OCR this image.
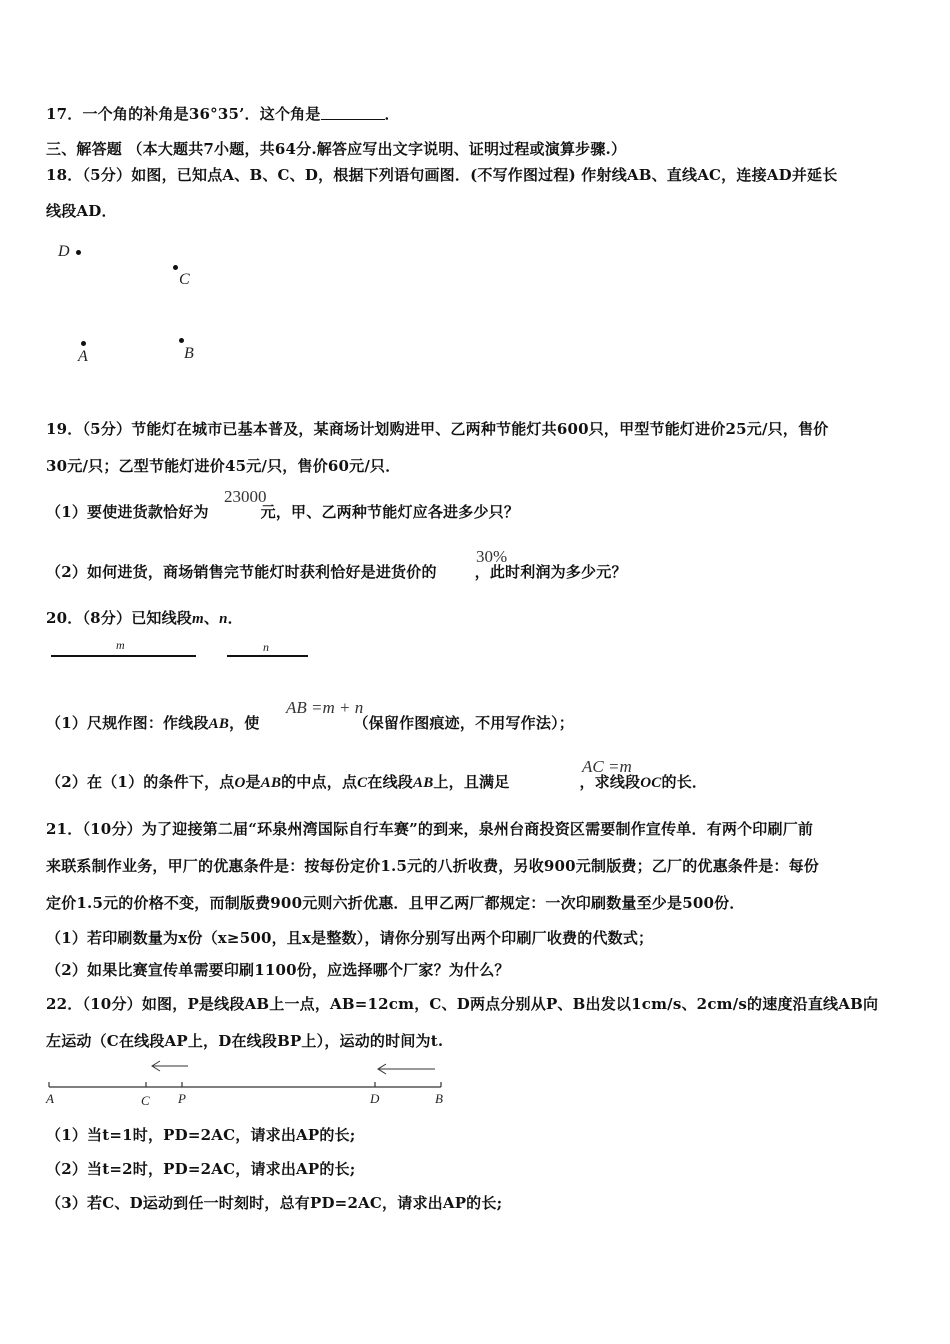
17．一个角的补角是36°35’．这个角是	．
三、解答题 （本大题共7小题，共64分.解答应写出文字说明、证明过程或演算步骤.）
18．（5分）如图，已知点A、B、C、D，根据下列语句画图．(不写作图过程) 作射线AB、直线AC，连接AD并延长
线段AD．
D
C
A	B
19．（5分）节能灯在城市已基本普及，某商场计划购进甲、乙两种节能灯共600只，甲型节能灯进价25元/只，售价
30元/只；乙型节能灯进价45元/只，售价60元/只．
（1）要使进货款恰好为	元，甲、乙两种节能灯应各进多少只？
23000
（2）如何进货，商场销售完节能灯时获利恰好是进货价的	，此时利润为多少元？
30%
20．（8分）已知线段m、n．
m	n
（1）尺规作图：作线段AB，使	（保留作图痕迹，不用写作法）；
AB =m + n
（2）在（1）的条件下，点O是AB的中点，点C在线段AB上，且满足	，求线段OC的长．
AC =m
21．（10分）为了迎接第二届“环泉州湾国际自行车赛”的到来，泉州台商投资区需要制作宣传单．有两个印刷厂前
来联系制作业务，甲厂的优惠条件是：按每份定价1.5元的八折收费，另收900元制版费；乙厂的优惠条件是：每份
定价1.5元的价格不变，而制版费900元则六折优惠．且甲乙两厂都规定：一次印刷数量至少是500份．
（1）若印刷数量为x份（x≥500，且x是整数），请你分别写出两个印刷厂收费的代数式；
（2）如果比赛宣传单需要印刷1100份，应选择哪个厂家？为什么？
22．（10分）如图，P是线段AB上一点，AB=12cm，C、D两点分别从P、B出发以1cm/s、2cm/s的速度沿直线AB向
左运动（C在线段AP上，D在线段BP上），运动的时间为t.
A	C P	D	B
（1）当t=1时，PD=2AC，请求出AP的长;
（2）当t=2时，PD=2AC，请求出AP的长;
（3）若C、D运动到任一时刻时，总有PD=2AC，请求出AP的长;
